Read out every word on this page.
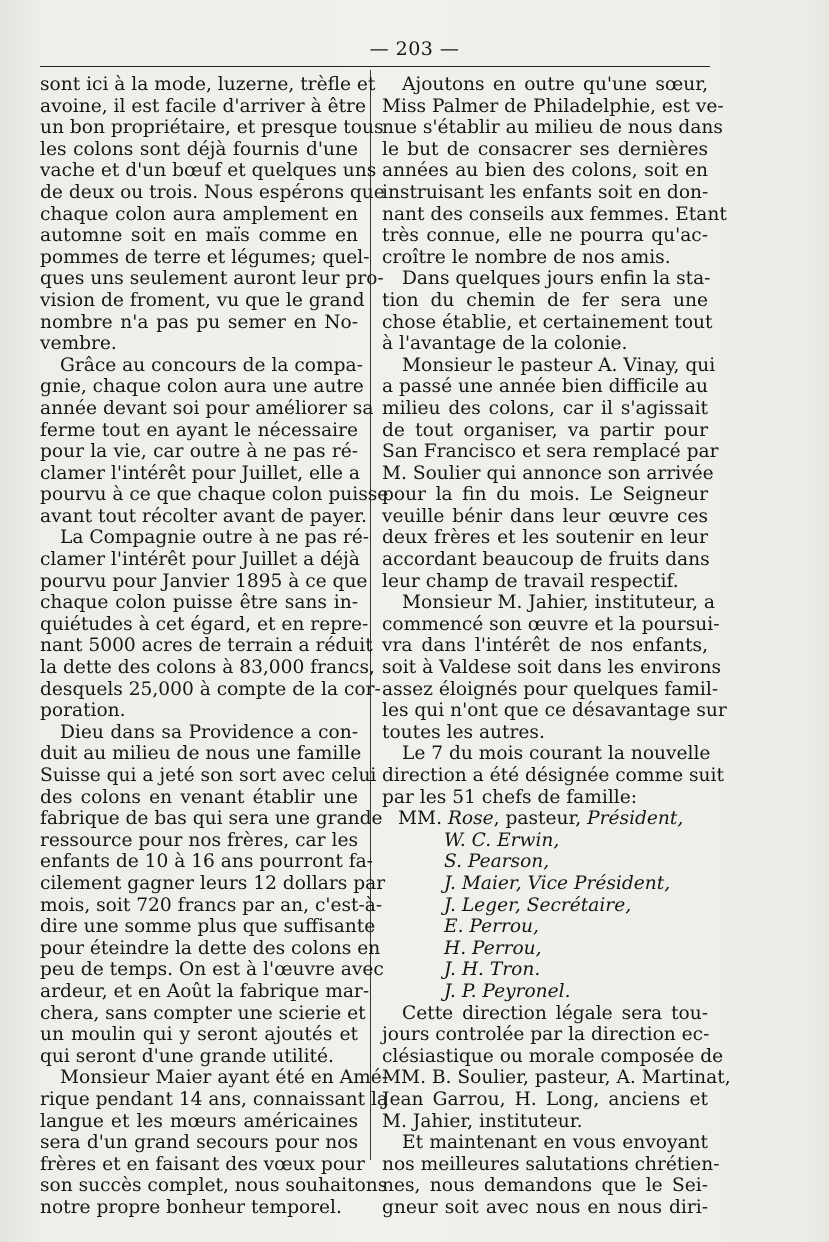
— 203 —
sont ici à la mode, luzerne, trèfle et
avoine, il est facile d'arriver à être
un bon propriétaire, et presque tous
les colons sont déjà fournis d'une
vache et d'un bœuf et quelques uns
de deux ou trois. Nous espérons que
chaque colon aura amplement en
automne soit en maïs comme en
pommes de terre et légumes; quel-
ques uns seulement auront leur pro-
vision de froment, vu que le grand
nombre n'a pas pu semer en No-
vembre.
Grâce au concours de la compa-
gnie, chaque colon aura une autre
année devant soi pour améliorer sa
ferme tout en ayant le nécessaire
pour la vie, car outre à ne pas ré-
clamer l'intérêt pour Juillet, elle a
pourvu à ce que chaque colon puisse
avant tout récolter avant de payer.
La Compagnie outre à ne pas ré-
clamer l'intérêt pour Juillet a déjà
pourvu pour Janvier 1895 à ce que
chaque colon puisse être sans in-
quiétudes à cet égard, et en repre-
nant 5000 acres de terrain a réduit
la dette des colons à 83,000 francs,
desquels 25,000 à compte de la cor-
poration.
Dieu dans sa Providence a con-
duit au milieu de nous une famille
Suisse qui a jeté son sort avec celui
des colons en venant établir une
fabrique de bas qui sera une grande
ressource pour nos frères, car les
enfants de 10 à 16 ans pourront fa-
cilement gagner leurs 12 dollars par
mois, soit 720 francs par an, c'est-à-
dire une somme plus que suffisante
pour éteindre la dette des colons en
peu de temps. On est à l'œuvre avec
ardeur, et en Août la fabrique mar-
chera, sans compter une scierie et
un moulin qui y seront ajoutés et
qui seront d'une grande utilité.
Monsieur Maier ayant été en Amé-
rique pendant 14 ans, connaissant la
langue et les mœurs américaines
sera d'un grand secours pour nos
frères et en faisant des vœux pour
son succès complet, nous souhaitons
notre propre bonheur temporel.
Ajoutons en outre qu'une sœur,
Miss Palmer de Philadelphie, est ve-
nue s'établir au milieu de nous dans
le but de consacrer ses dernières
années au bien des colons, soit en
instruisant les enfants soit en don-
nant des conseils aux femmes. Etant
très connue, elle ne pourra qu'ac-
croître le nombre de nos amis.
Dans quelques jours enfin la sta-
tion du chemin de fer sera une
chose établie, et certainement tout
à l'avantage de la colonie.
Monsieur le pasteur A. Vinay, qui
a passé une année bien difficile au
milieu des colons, car il s'agissait
de tout organiser, va partir pour
San Francisco et sera remplacé par
M. Soulier qui annonce son arrivée
pour la fin du mois. Le Seigneur
veuille bénir dans leur œuvre ces
deux frères et les soutenir en leur
accordant beaucoup de fruits dans
leur champ de travail respectif.
Monsieur M. Jahier, instituteur, a
commencé son œuvre et la poursui-
vra dans l'intérêt de nos enfants,
soit à Valdese soit dans les environs
assez éloignés pour quelques famil-
les qui n'ont que ce désavantage sur
toutes les autres.
Le 7 du mois courant la nouvelle
direction a été désignée comme suit
par les 51 chefs de famille:
MM. Rose, pasteur, Président,
W. C. Erwin,
S. Pearson,
J. Maier, Vice Président,
J. Leger, Secrétaire,
E. Perrou,
H. Perrou,
J. H. Tron.
J. P. Peyronel.
Cette direction légale sera tou-
jours controlée par la direction ec-
clésiastique ou morale composée de
MM. B. Soulier, pasteur, A. Martinat,
Jean Garrou, H. Long, anciens et
M. Jahier, instituteur.
Et maintenant en vous envoyant
nos meilleures salutations chrétien-
nes, nous demandons que le Sei-
gneur soit avec nous en nous diri-
